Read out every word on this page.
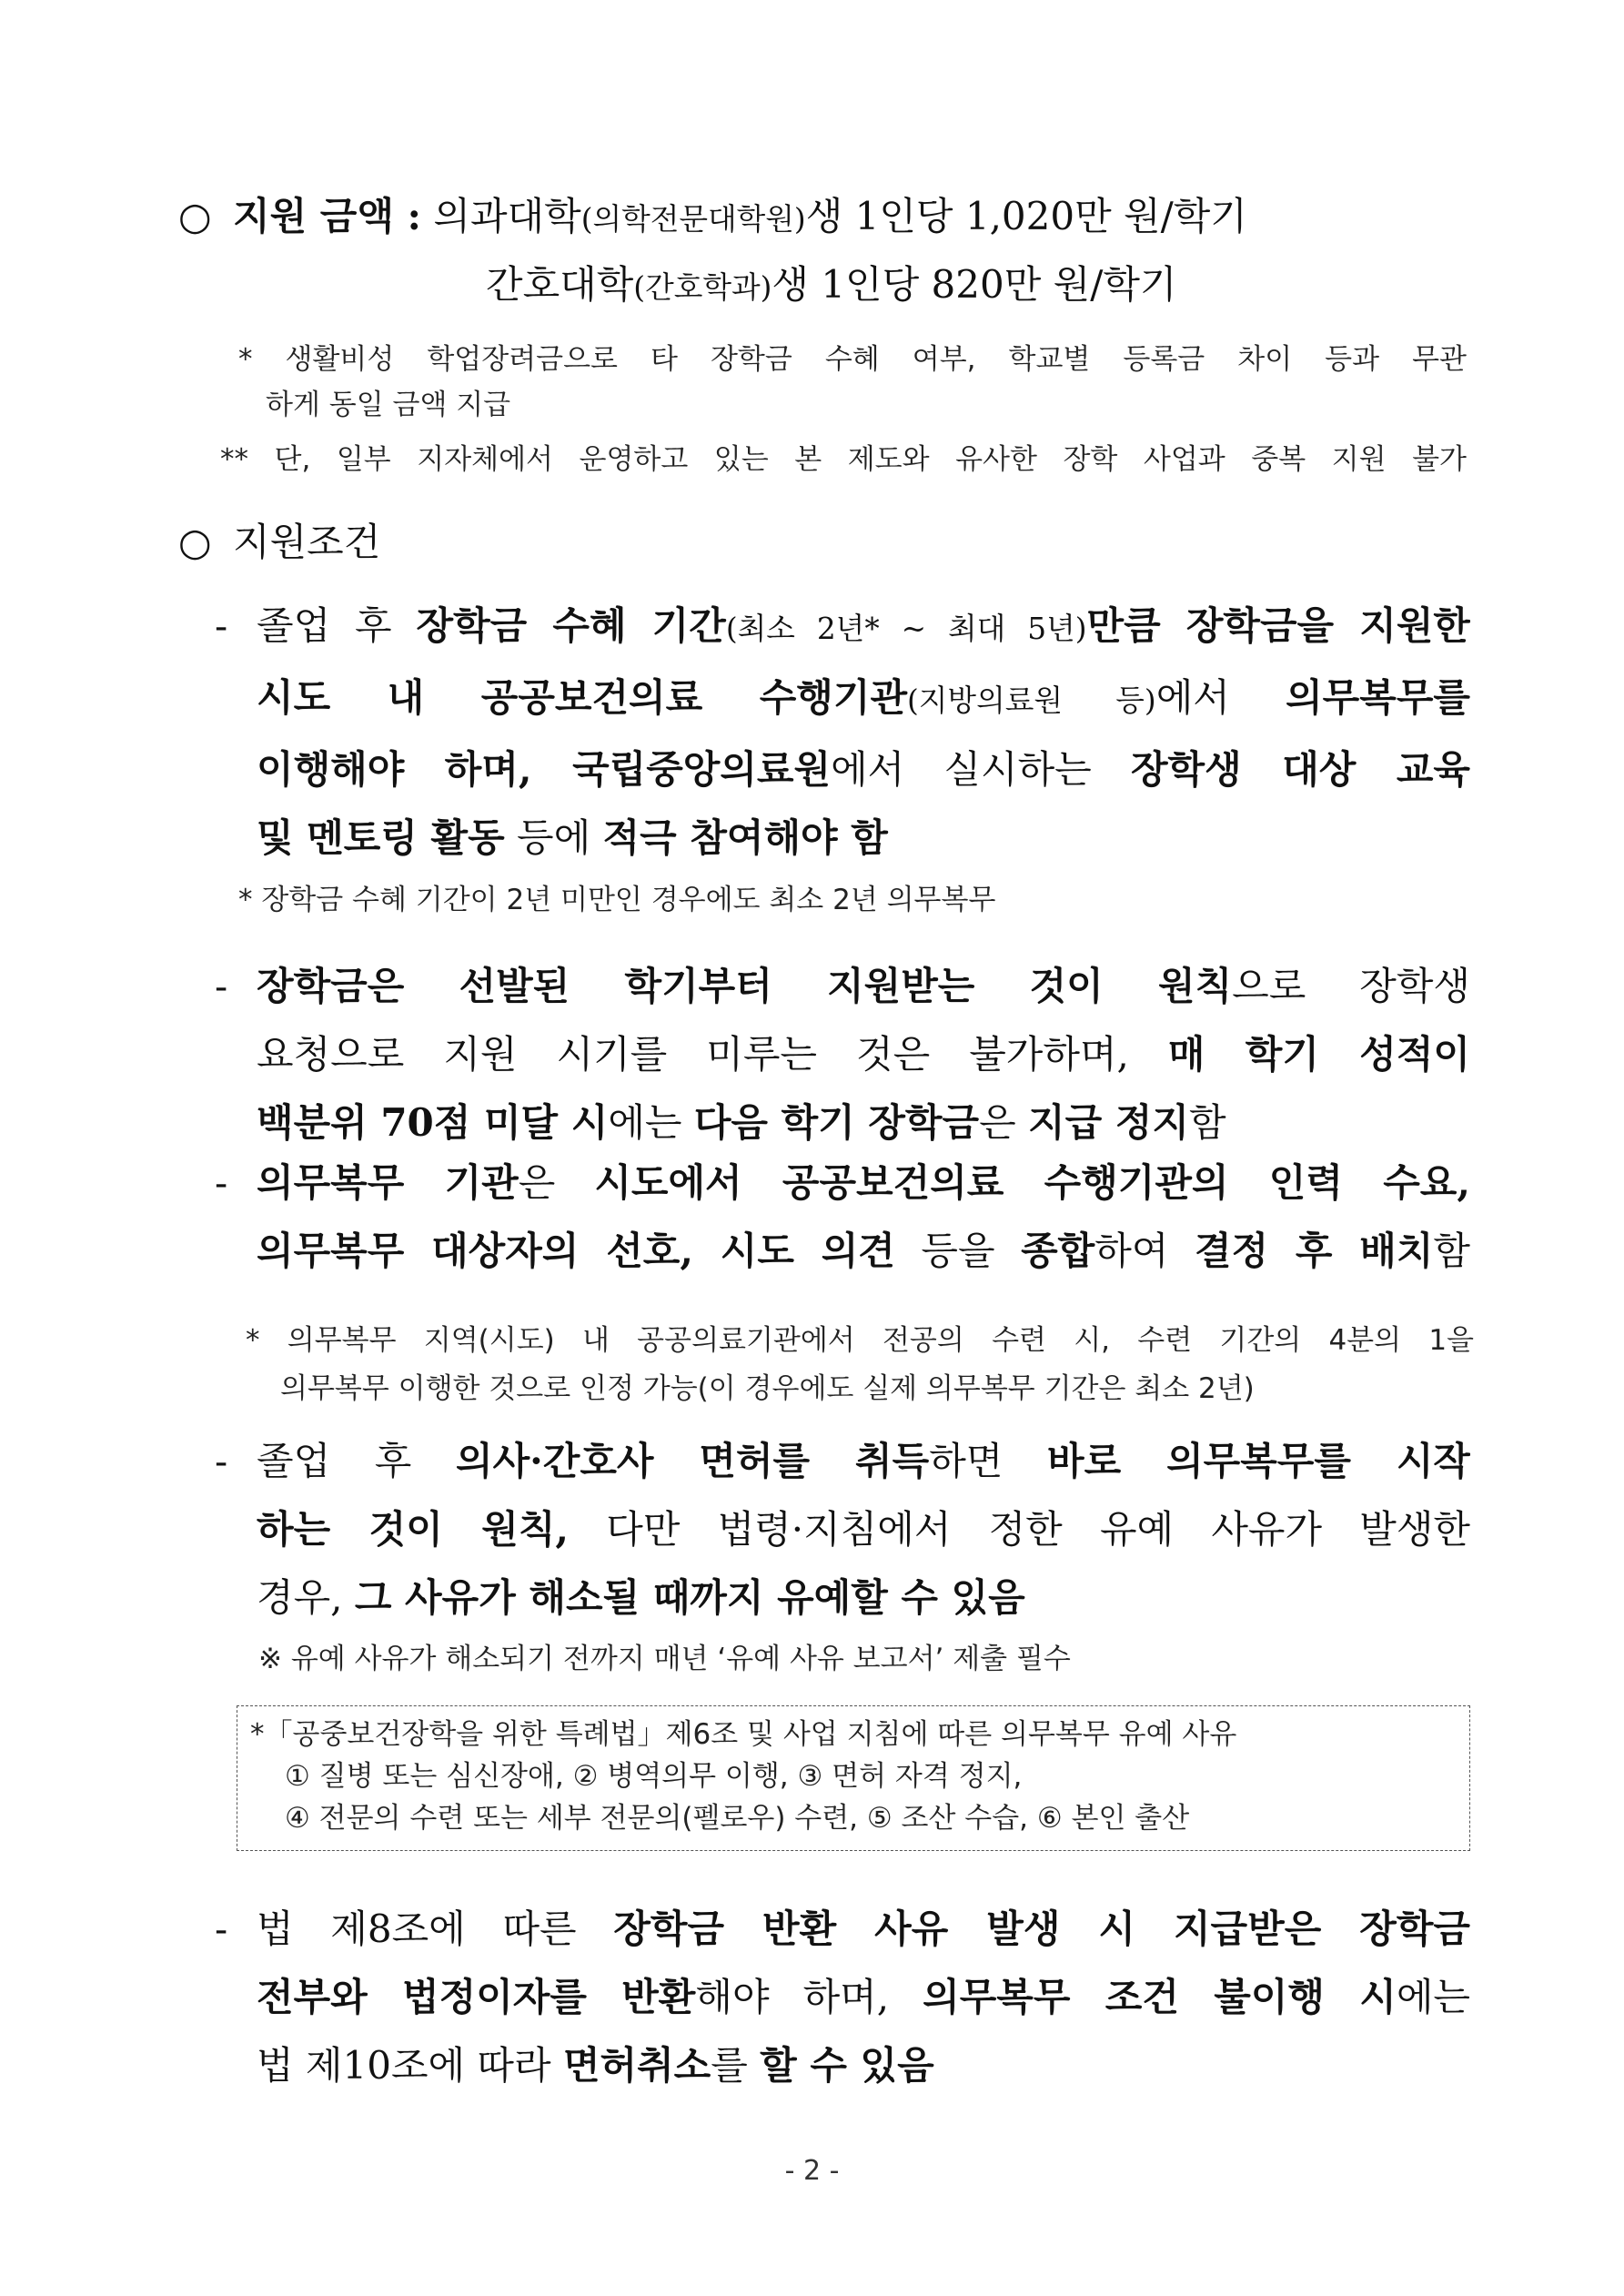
○ 지원 금액 : 의과대학(의학전문대학원)생 1인당 1,020만 원/학기
간호대학(간호학과)생 1인당 820만 원/학기
* 생활비성 학업장려금으로 타 장학금 수혜 여부, 학교별 등록금 차이 등과 무관
하게 동일 금액 지급
** 단, 일부 지자체에서 운영하고 있는 본 제도와 유사한 장학 사업과 중복 지원 불가
○ 지원조건
- 졸업 후 장학금 수혜 기간(최소 2년* ~ 최대 5년)만큼 장학금을 지원한
시도 내 공공보건의료 수행기관(지방의료원 등)에서 의무복무를
이행해야 하며, 국립중앙의료원에서 실시하는 장학생 대상 교육
및 멘토링 활동 등에 적극 참여해야 함
* 장학금 수혜 기간이 2년 미만인 경우에도 최소 2년 의무복무
- 장학금은 선발된 학기부터 지원받는 것이 원칙으로 장학생
요청으로 지원 시기를 미루는 것은 불가하며, 매 학기 성적이
백분위 70점 미달 시에는 다음 학기 장학금은 지급 정지함
- 의무복무 기관은 시도에서 공공보건의료 수행기관의 인력 수요,
의무복무 대상자의 선호, 시도 의견 등을 종합하여 결정 후 배치함
* 의무복무 지역(시도) 내 공공의료기관에서 전공의 수련 시, 수련 기간의 4분의 1을
의무복무 이행한 것으로 인정 가능(이 경우에도 실제 의무복무 기간은 최소 2년)
- 졸업 후 의사·간호사 면허를 취득하면 바로 의무복무를 시작
하는 것이 원칙, 다만 법령·지침에서 정한 유예 사유가 발생한
경우, 그 사유가 해소될 때까지 유예할 수 있음
※ 유예 사유가 해소되기 전까지 매년 ‘유예 사유 보고서’ 제출 필수
*「공중보건장학을 위한 특례법」제6조 및 사업 지침에 따른 의무복무 유예 사유
① 질병 또는 심신장애, ② 병역의무 이행, ③ 면허 자격 정지,
④ 전문의 수련 또는 세부 전문의(펠로우) 수련, ⑤ 조산 수습, ⑥ 본인 출산
- 법 제8조에 따른 장학금 반환 사유 발생 시 지급받은 장학금
전부와 법정이자를 반환해야 하며, 의무복무 조건 불이행 시에는
법 제10조에 따라 면허취소를 할 수 있음
- 2 -
